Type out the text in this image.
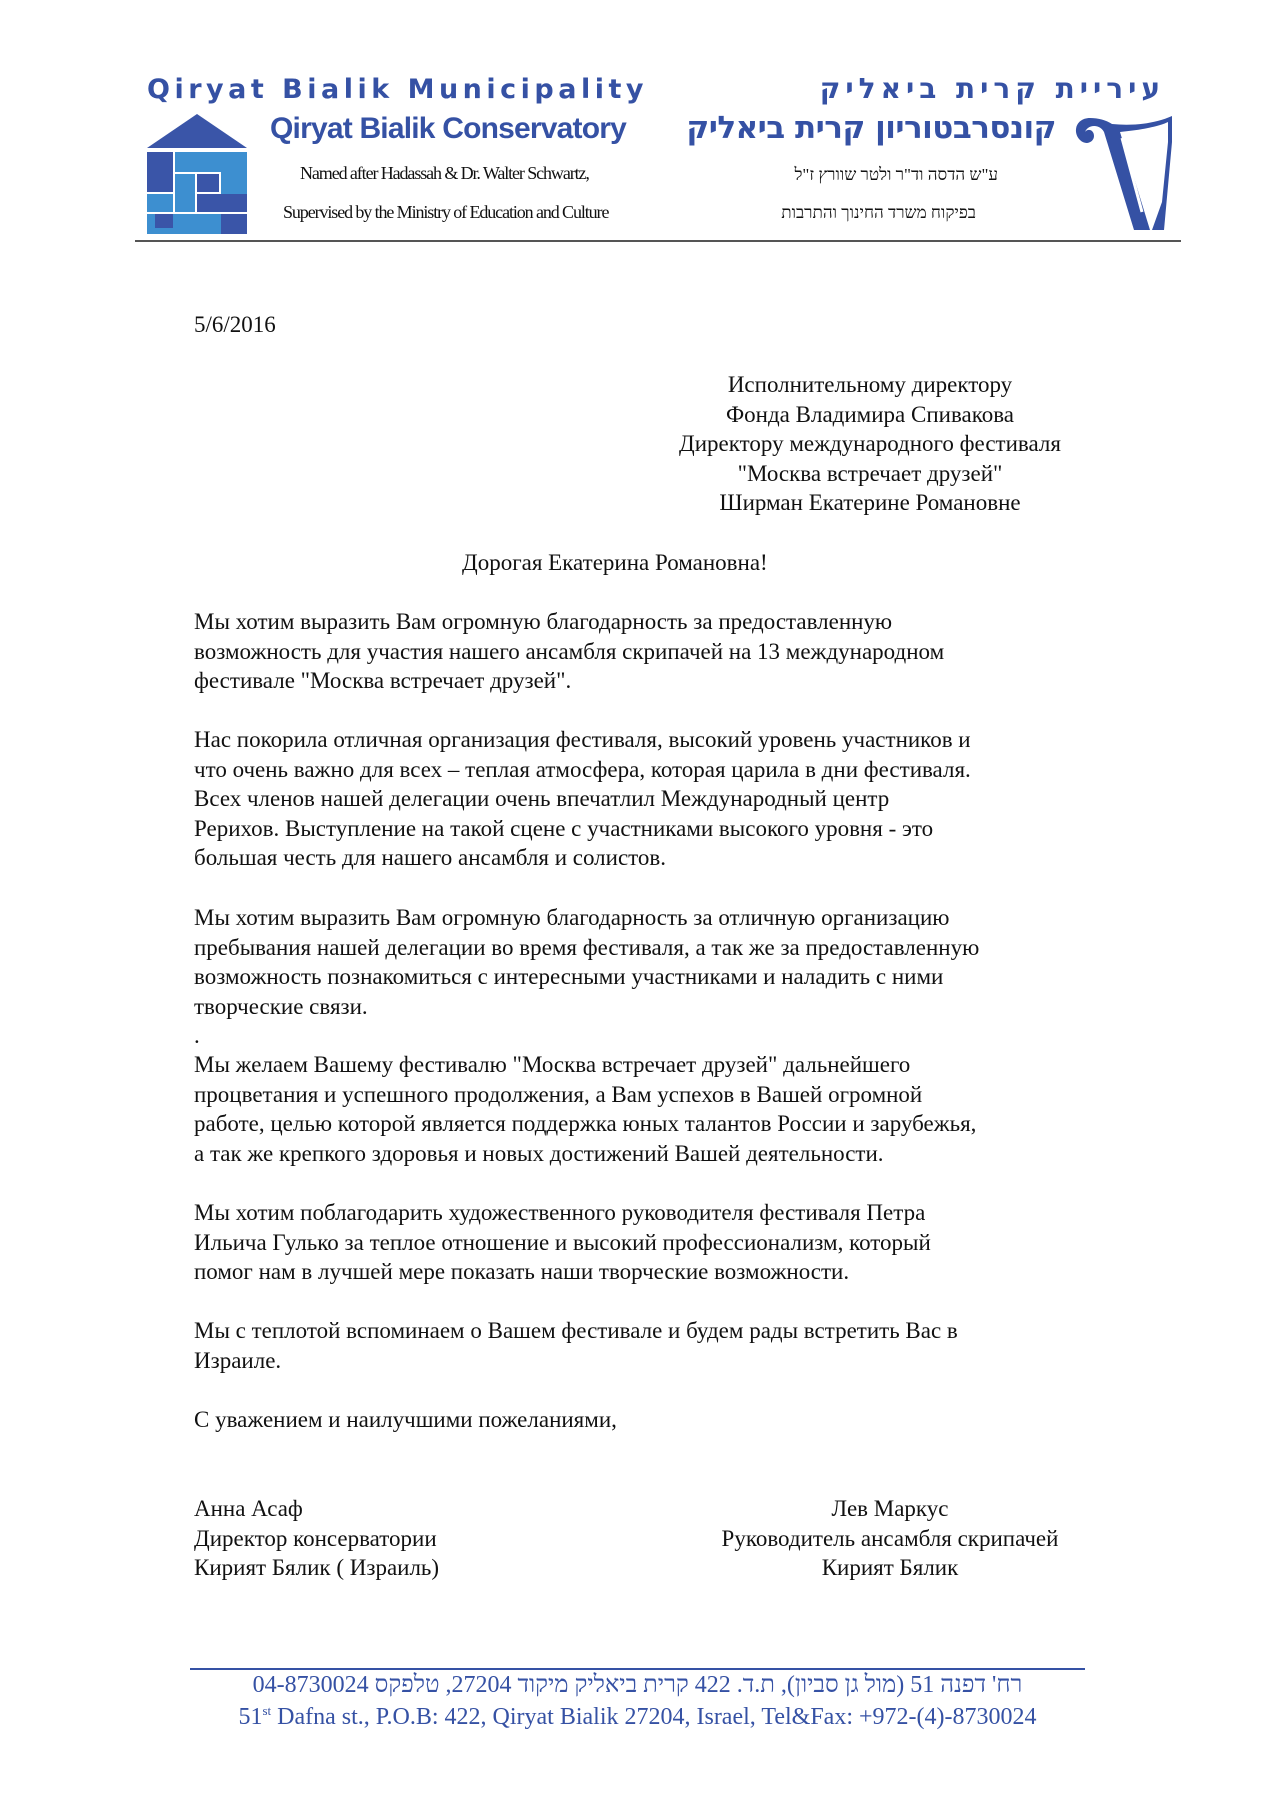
Qiryat Bialik Municipality
Qiryat Bialik Conservatory
Named after Hadassah & Dr. Walter Schwartz,
Supervised by the Ministry of Education and Culture
עיריית קרית ביאליק
קונסרבטוריון קרית ביאליק
ע"ש הדסה וד"ר ולטר שוורץ ז"ל
בפיקוח משרד החינוך והתרבות
5/6/2016
Исполнительному директору
Фонда Владимира Спивакова
Директору международного фестиваля
"Москва встречает друзей"
Ширман Екатерине Романовне
Дорогая Екатерина Романовна!
Мы хотим выразить Вам огромную благодарность за предоставленную
возможность для участия нашего ансамбля скрипачей на 13 международном
фестивале "Москва встречает друзей".
Нас покорила отличная организация фестиваля, высокий уровень участников и
что очень важно для всех – теплая атмосфера, которая царила в дни фестиваля.
Всех членов нашей делегации очень впечатлил Международный центр
Рерихов. Выступление на такой сцене с участниками высокого уровня - это
большая честь для нашего ансамбля и солистов.
Мы хотим выразить Вам огромную благодарность за отличную организацию
пребывания нашей делегации во время фестиваля, а так же за предоставленную
возможность познакомиться с интересными участниками и наладить с ними
творческие связи.
.
Мы желаем Вашему фестивалю "Москва встречает друзей" дальнейшего
процветания и успешного продолжения, а Вам успехов в Вашей огромной
работе, целью которой является поддержка юных талантов России и зарубежья,
а так же крепкого здоровья и новых достижений Вашей деятельности.
Мы хотим поблагодарить художественного руководителя фестиваля Петра
Ильича Гулько за теплое отношение и высокий профессионализм, который
помог нам в лучшей мере показать наши творческие возможности.
Мы с теплотой вспоминаем о Вашем фестивале и будем рады встретить Вас в
Израиле.
С уважением и наилучшими пожеланиями,
Анна Асаф
Директор консерватории
Кирият Бялик ( Израиль)
Лев Маркус
Руководитель ансамбля скрипачей
Кирият Бялик
רח' דפנה 51 (מול גן סביון), ת.ד. 422 קרית ביאליק מיקוד 27204, טלפקס 04-8730024
51st Dafna st., P.O.B: 422, Qiryat Bialik 27204, Israel, Tel&Fax: +972-(4)-8730024
